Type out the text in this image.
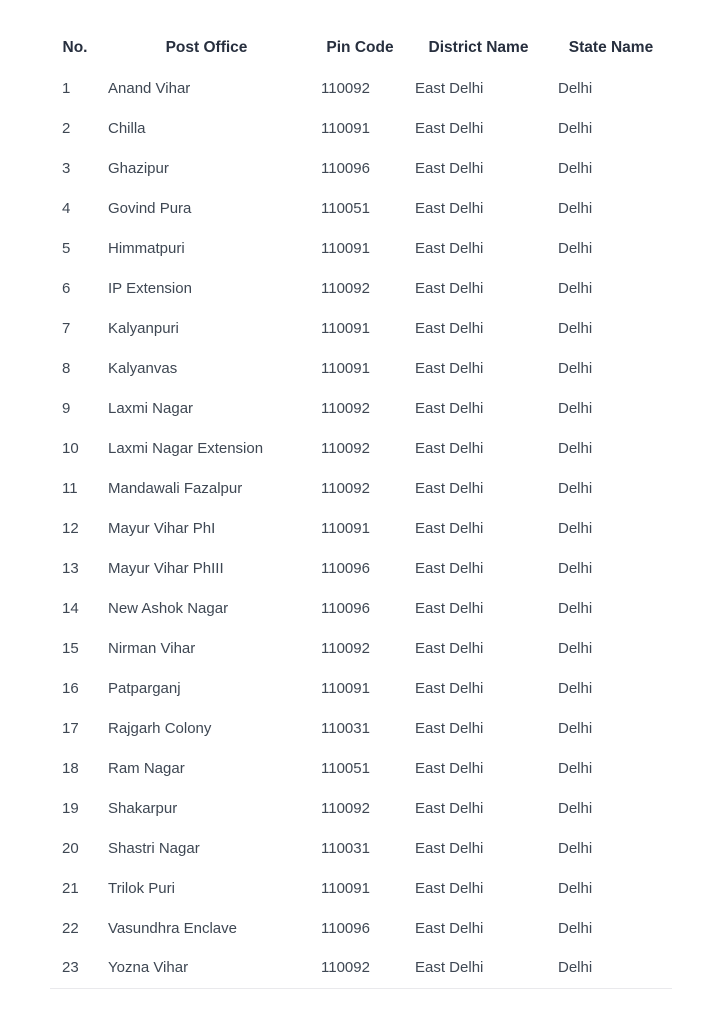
No.	Post Office	Pin Code	District Name	State Name
1	Anand Vihar	110092	East Delhi	Delhi
2	Chilla	110091	East Delhi	Delhi
3	Ghazipur	110096	East Delhi	Delhi
4	Govind Pura	110051	East Delhi	Delhi
5	Himmatpuri	110091	East Delhi	Delhi
6	IP Extension	110092	East Delhi	Delhi
7	Kalyanpuri	110091	East Delhi	Delhi
8	Kalyanvas	110091	East Delhi	Delhi
9	Laxmi Nagar	110092	East Delhi	Delhi
10	Laxmi Nagar Extension	110092	East Delhi	Delhi
11	Mandawali Fazalpur	110092	East Delhi	Delhi
12	Mayur Vihar PhI	110091	East Delhi	Delhi
13	Mayur Vihar PhIII	110096	East Delhi	Delhi
14	New Ashok Nagar	110096	East Delhi	Delhi
15	Nirman Vihar	110092	East Delhi	Delhi
16	Patparganj	110091	East Delhi	Delhi
17	Rajgarh Colony	110031	East Delhi	Delhi
18	Ram Nagar	110051	East Delhi	Delhi
19	Shakarpur	110092	East Delhi	Delhi
20	Shastri Nagar	110031	East Delhi	Delhi
21	Trilok Puri	110091	East Delhi	Delhi
22	Vasundhra Enclave	110096	East Delhi	Delhi
23	Yozna Vihar	110092	East Delhi	Delhi
